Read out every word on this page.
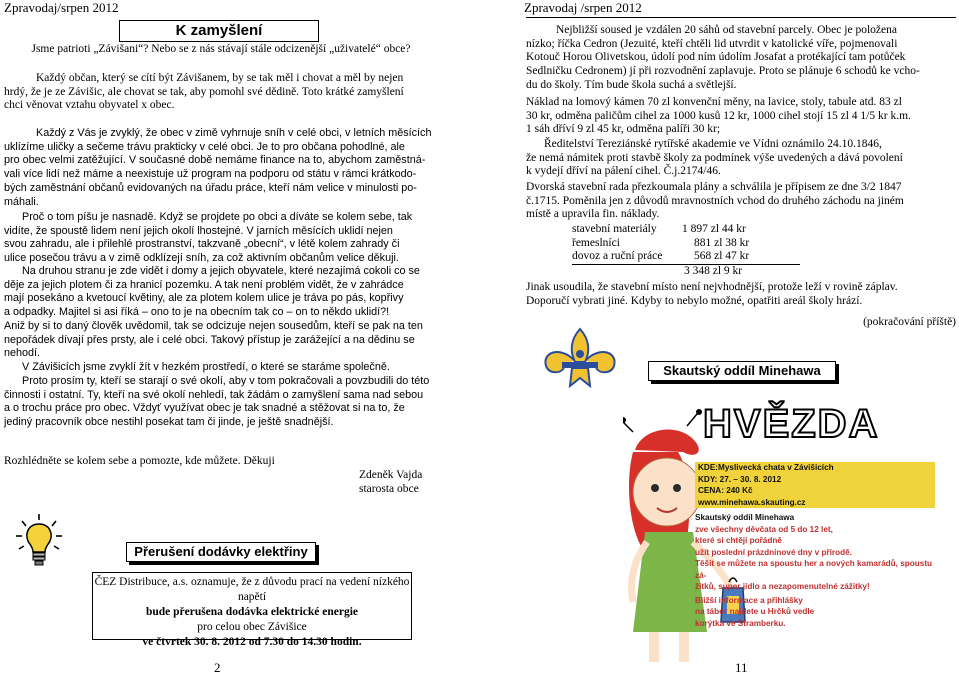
Zpravodaj/srpen 2012
K zamyšlení
Jsme patrioti „Závišani“? Nebo se z nás stávají stále odcizenější „uživatelé“ obce?
Každý občan, který se cítí být Závišanem, by se tak měl i chovat a měl by nejen
hrdý, že je ze Závišic, ale chovat se tak, aby pomohl své dědině. Toto krátké zamyšlení
chci věnovat vztahu obyvatel x obec.
Každý z Vás je zvyklý, že obec v zimě vyhrnuje sníh v celé obci, v letních měsících
uklízíme uličky a sečeme trávu prakticky v celé obci. Je to pro občana pohodlné, ale
pro obec velmi zatěžující. V současné době nemáme finance na to, abychom zaměstná-
vali více lidí než máme a neexistuje už program na podporu od státu v rámci krátkodo-
bých zaměstnání občanů evidovaných na úřadu práce, kteří nám velice v minulosti po-
máhali.
Proč o tom píšu je nasnadě. Když se projdete po obci a díváte se kolem sebe, tak
vidíte, že spoustě lidem není jejich okolí lhostejné. V jarních měsících uklidí nejen
svou zahradu, ale i přilehlé prostranství, takzvaně „obecní“, v létě kolem zahrady či
ulice posečou trávu a v zimě odklízejí sníh, za což aktivním občanům velice děkuji.
Na druhou stranu je zde vidět i domy a jejich obyvatele, které nezajímá cokoli co se
děje za jejich plotem či za hranicí pozemku. A tak není problém vidět, že v zahrádce
mají posekáno a kvetoucí květiny, ale za plotem kolem ulice je tráva po pás, kopřivy
a odpadky. Majitel si asi říká – ono to je na obecním tak co – on to někdo uklidí?!
Aniž by si to daný člověk uvědomil, tak se odcizuje nejen sousedům, kteří se pak na ten
nepořádek dívají přes prsty, ale i celé obci. Takový přístup je zarážející a na dědinu se
nehodí.
V Závišicích jsme zvyklí žít v hezkém prostředí, o které se staráme společně.
Proto prosím ty, kteří se starají o své okolí, aby v tom pokračovali a povzbudili do této
činnosti i ostatní. Ty, kteří na své okolí nehledí, tak žádám o zamyšlení sama nad sebou
a o trochu práce pro obec. Vždyť využívat obec je tak snadné a stěžovat si na to, že
jediný pracovník obce nestihl posekat tam či jinde, je ještě snadnější.
Rozhlédněte se kolem sebe a pomozte, kde můžete. Děkuji
Zdeněk Vajda
starosta obce
Přerušení dodávky elektřiny
ČEZ Distribuce, a.s. oznamuje, že z důvodu prací na vedení nízkého napětí
bude přerušena dodávka elektrické energie
pro celou obec Závišice
ve čtvrtek 30. 8. 2012 od 7.30 do 14.30 hodin.
2
Zpravodaj /srpen 2012
Nejbližší soused je vzdálen 20 sáhů od stavební parcely. Obec je položena
nízko; říčka Cedron (Jezuité, kteří chtěli lid utvrdit v katolické víře, pojmenovali
Kotouč Horou Olivetskou, údolí pod ním údolím Josafat a protékající tam potůček
Sedlničku Cedronem) jí při rozvodnění zaplavuje. Proto se plánuje 6 schodů ke vcho-
du do školy. Tím bude škola suchá a světlejší.
Náklad na lomový kámen 70 zl konvenční měny, na lavice, stoly, tabule atd. 83 zl
30 kr, odměna paličům cihel za 1000 kusů 12 kr, 1000 cihel stojí 15 zl 4 1/5 kr k.m.
1 sáh dříví 9 zl 45 kr, odměna palíři 30 kr;
Ředitelství Tereziánské rytířské akademie ve Vídni oznámilo 24.10.1846,
že nemá námitek proti stavbě školy za podmínek výše uvedených a dává povolení
k vydejí dříví na pálení cihel. Č.j.2174/46.
Dvorská stavební rada přezkoumala plány a schválila je přípisem ze dne 3/2 1847
č.1715. Poměnila jen z důvodů mravnostních vchod do druhého záchodu na jiném
místě a upravila fin. náklady.
stavební materiály 1 897 zl 44 kr
řemeslníci	881 zl 38 kr
dovoz a ruční práce	568 zl 47 kr
3 348 zl 9 kr
Jinak usoudila, že stavební místo není nejvhodnější, protože leží v rovině záplav.
Doporučí vybrati jiné. Kdyby to nebylo možné, opatřiti areál školy hrází.
(pokračování příště)
Skautský oddíl Minehawa
HVĚZDA
KDE:Myslivecká chata v Závišicích
KDY: 27. – 30. 8. 2012
CENA: 240 Kč
www.minehawa.skauting.cz
Skautský oddíl Minehawa
zve všechny děvčata od 5 do 12 let,
které si chtějí pořádně
užít poslední prázdninové dny v přírodě.
Těšit se můžete na spoustu her a nových kamarádů, spoustu zá-
žitků, super jídlo a nezapomenutelné zážitky!
Bližší informace a přihlášky
na tábor najdete u Hrčků vedle
korýtka ve Štramberku.
11
